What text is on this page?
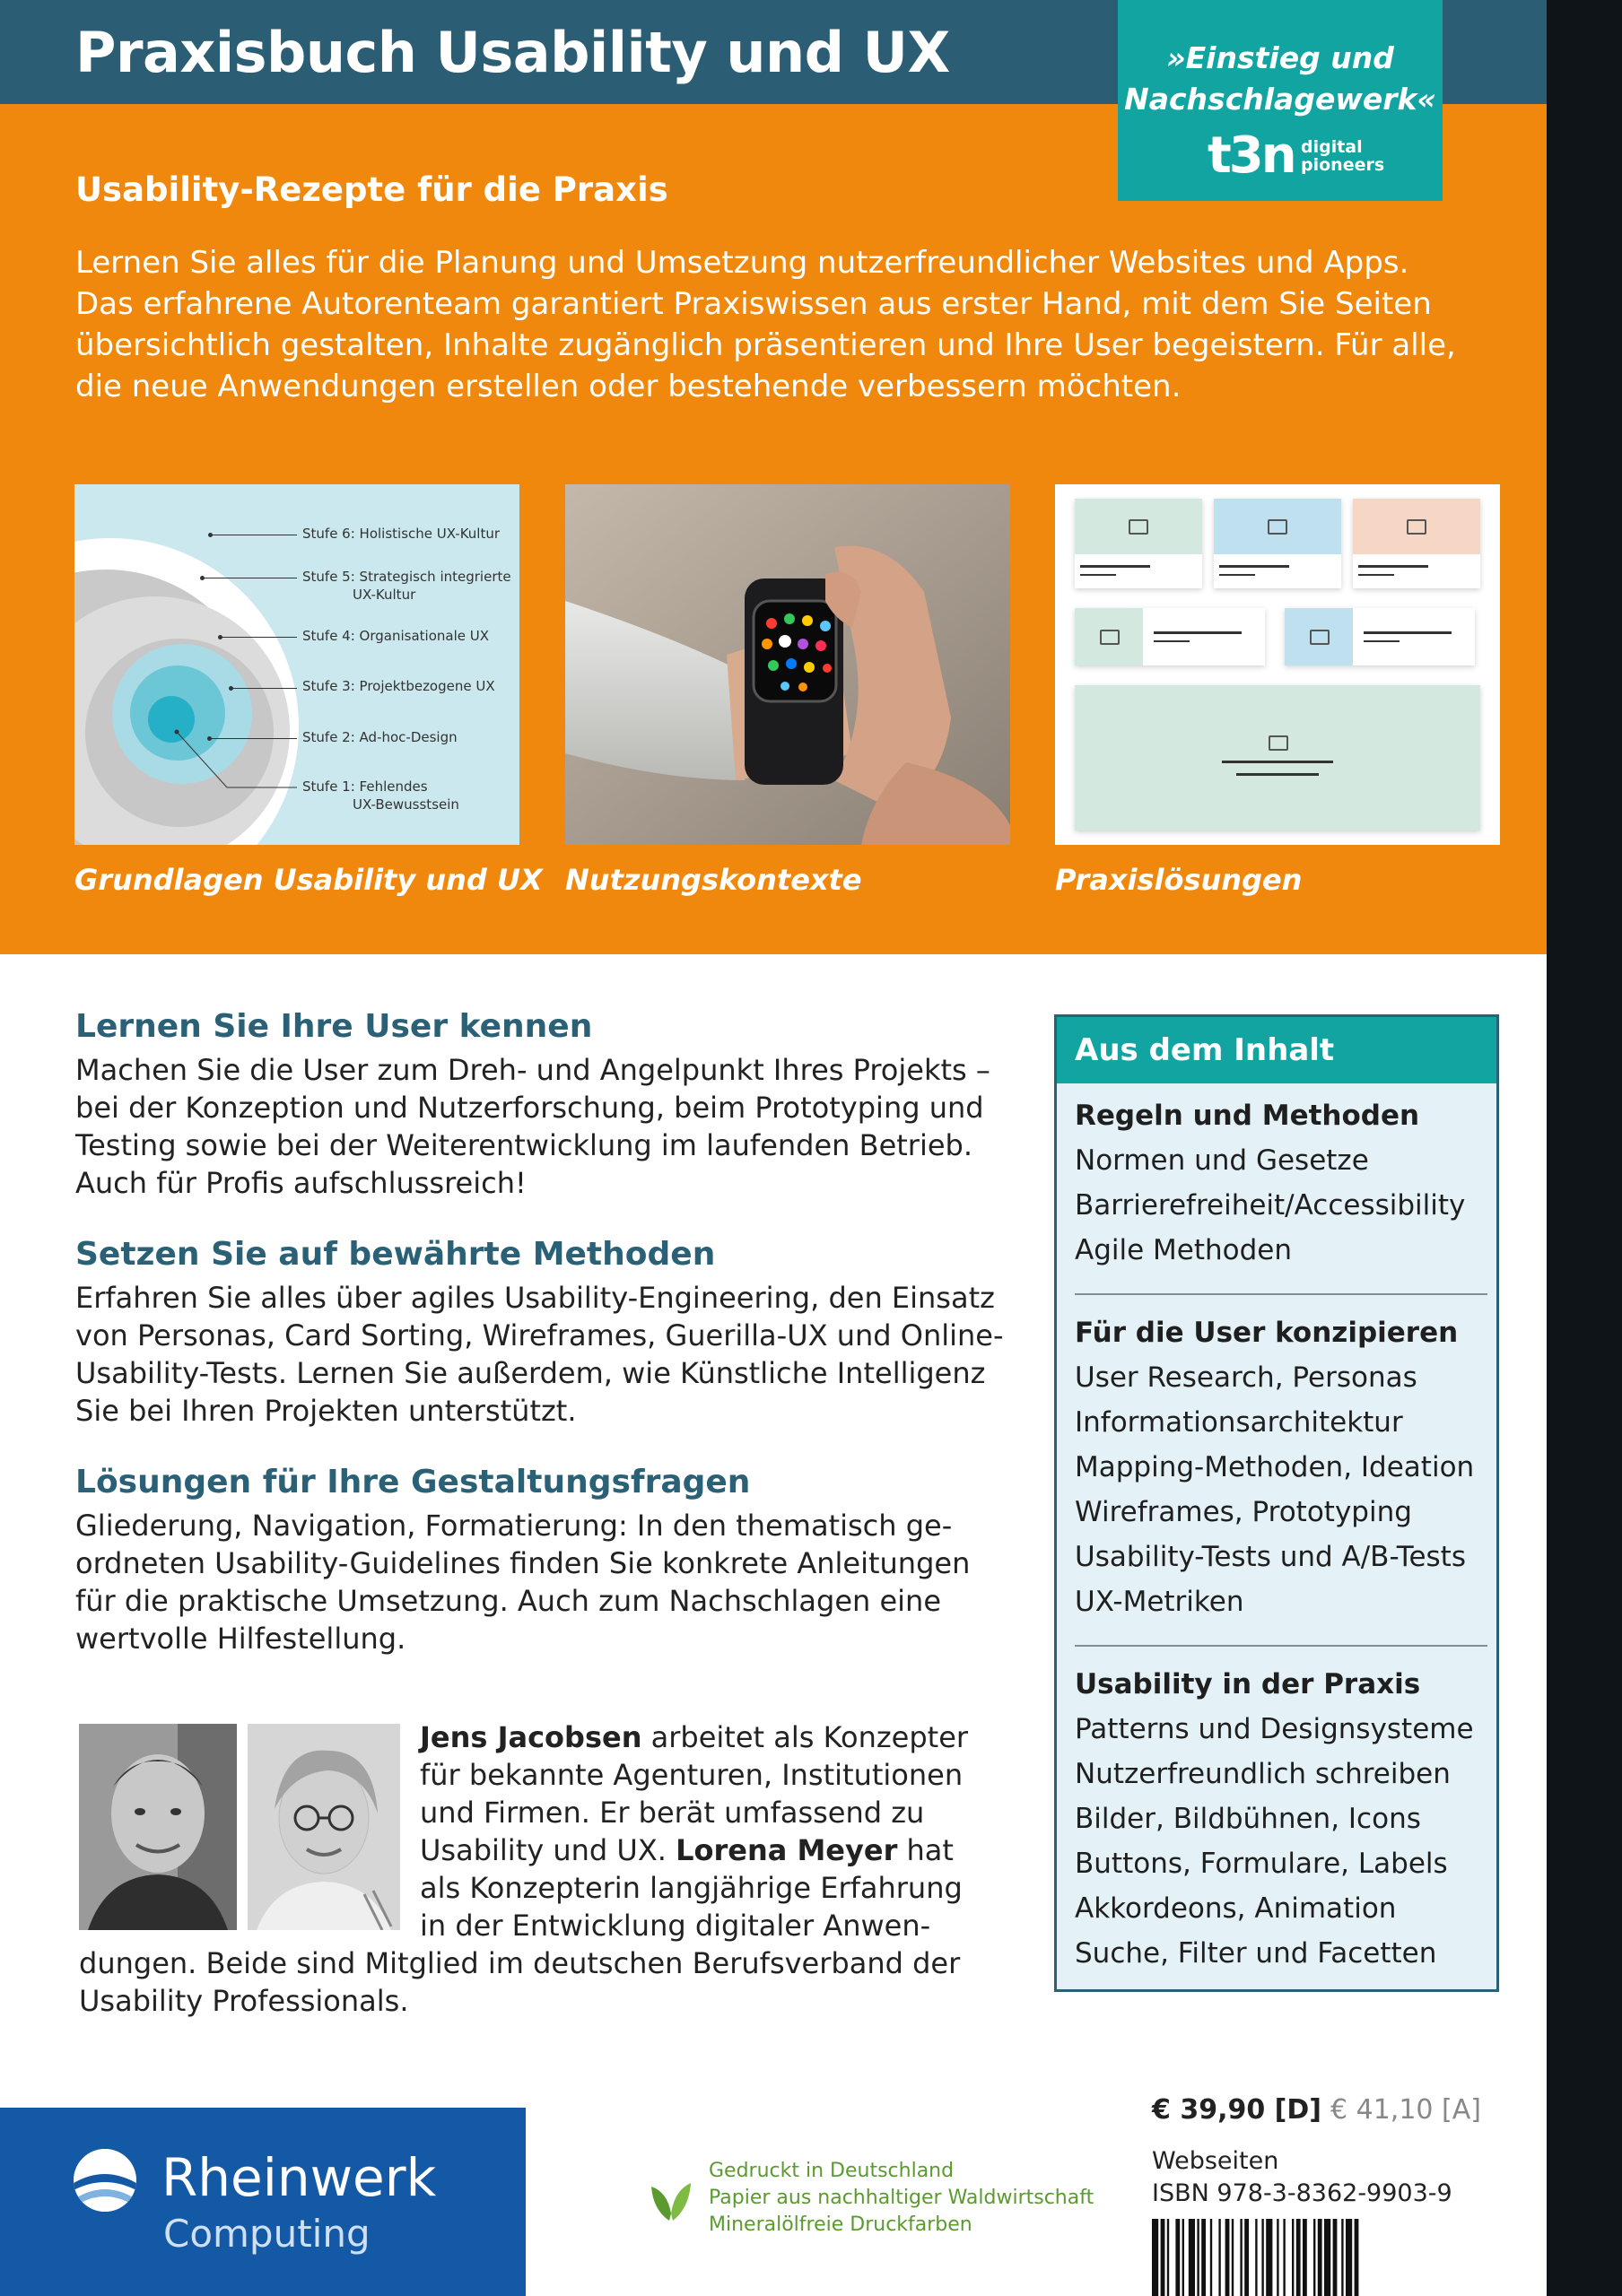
Praxisbuch Usability und UX	»Einstieg und
Nachschlagewerk«
t3n digital
pioneers
Usability-Rezepte für die Praxis
Lernen Sie alles für die Planung und Umsetzung nutzerfreundlicher Websites und Apps.
Das erfahrene Autorenteam garantiert Praxiswissen aus erster Hand, mit dem Sie Seiten
übersichtlich gestalten, Inhalte zugänglich präsentieren und Ihre User begeistern. Für alle,
die neue Anwendungen erstellen oder bestehende verbessern möchten.
Stufe 6: Holistische UX-Kultur
Stufe 5: Strategisch integrierte
UX-Kultur
Stufe 4: Organisationale UX
Stufe 3: Projektbezogene UX
Stufe 2: Ad-hoc-Design
Stufe 1: Fehlendes
UX-Bewusstsein
Grundlagen Usability und UX Nutzungskontexte	Praxislösungen
Lernen Sie Ihre User kennen
Machen Sie die User zum Dreh- und Angelpunkt Ihres Projekts –
bei der Konzeption und Nutzerforschung, beim Prototyping und
Testing sowie bei der Weiterentwicklung im laufenden Betrieb.
Auch für Profis aufschlussreich!
Setzen Sie auf bewährte Methoden
Erfahren Sie alles über agiles Usability-Engineering, den Einsatz
von Personas, Card Sorting, Wireframes, Guerilla-UX und Online-
Usability-Tests. Lernen Sie außerdem, wie Künstliche Intelligenz
Sie bei Ihren Projekten unterstützt.
Lösungen für Ihre Gestaltungsfragen
Gliederung, Navigation, Formatierung: In den thematisch ge-
ordneten Usability-Guidelines finden Sie konkrete Anleitungen
für die praktische Umsetzung. Auch zum Nachschlagen eine
wertvolle Hilfestellung.
Jens Jacobsen arbeitet als Konzepter
für bekannte Agenturen, Institutionen
und Firmen. Er berät umfassend zu
Usability und UX. Lorena Meyer hat
als Konzepterin langjährige Erfahrung
in der Entwicklung digitaler Anwen-
dungen. Beide sind Mitglied im deutschen Berufsverband der
Usability Professionals.
Aus dem Inhalt
Regeln und Methoden
Normen und Gesetze
Barrierefreiheit/Accessibility
Agile Methoden
Für die User konzipieren
User Research, Personas
Informationsarchitektur
Mapping-Methoden, Ideation
Wireframes, Prototyping
Usability-Tests und A/B-Tests
UX-Metriken
Usability in der Praxis
Patterns und Designsysteme
Nutzerfreundlich schreiben
Bilder, Bildbühnen, Icons
Buttons, Formulare, Labels
Akkordeons, Animation
Suche, Filter und Facetten
Rheinwerk
Computing
Gedruckt in Deutschland
Papier aus nachhaltiger Waldwirtschaft
Mineralölfreie Druckfarben
€ 39,90 [D] € 41,10 [A]
Webseiten
ISBN 978-3-8362-9903-9
